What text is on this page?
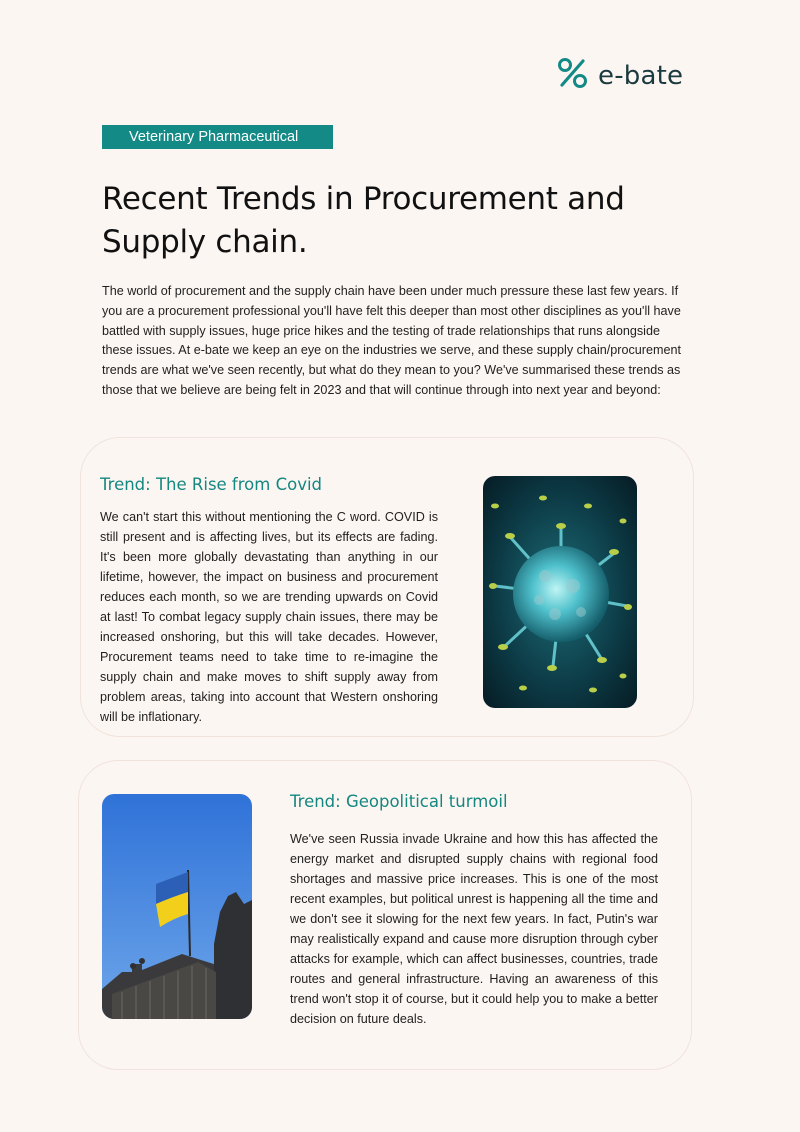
e-bate
Veterinary Pharmaceutical
Recent Trends in Procurement and
Supply chain.

The world of procurement and the supply chain have been under much pressure these last few years. If you are a procurement professional you'll have felt this deeper than most other disciplines as you'll have battled with supply issues, huge price hikes and the testing of trade relationships that runs alongside these issues. At e-bate we keep an eye on the industries we serve, and these supply chain/procurement trends are what we've seen recently, but what do they mean to you? We've summarised these trends as those that we believe are being felt in 2023 and that will continue through into next year and beyond:

Trend: The Rise from Covid

We can't start this without mentioning the C word. COVID is still present and is affecting lives, but its effects are fading. It's been more globally devastating than anything in our lifetime, however, the impact on business and procurement reduces each month, so we are trending upwards on Covid at last! To combat legacy supply chain issues, there may be increased onshoring, but this will take decades. However, Procurement teams need to take time to re-imagine the supply chain and make moves to shift supply away from problem areas, taking into account that Western onshoring will be inflationary.

Trend: Geopolitical turmoil

We've seen Russia invade Ukraine and how this has affected the energy market and disrupted supply chains with regional food shortages and massive price increases. This is one of the most recent examples, but political unrest is happening all the time and we don't see it slowing for the next few years. In fact, Putin's war may realistically expand and cause more disruption through cyber attacks for example, which can affect businesses, countries, trade routes and general infrastructure. Having an awareness of this trend won't stop it of course, but it could help you to make a better decision on future deals.
